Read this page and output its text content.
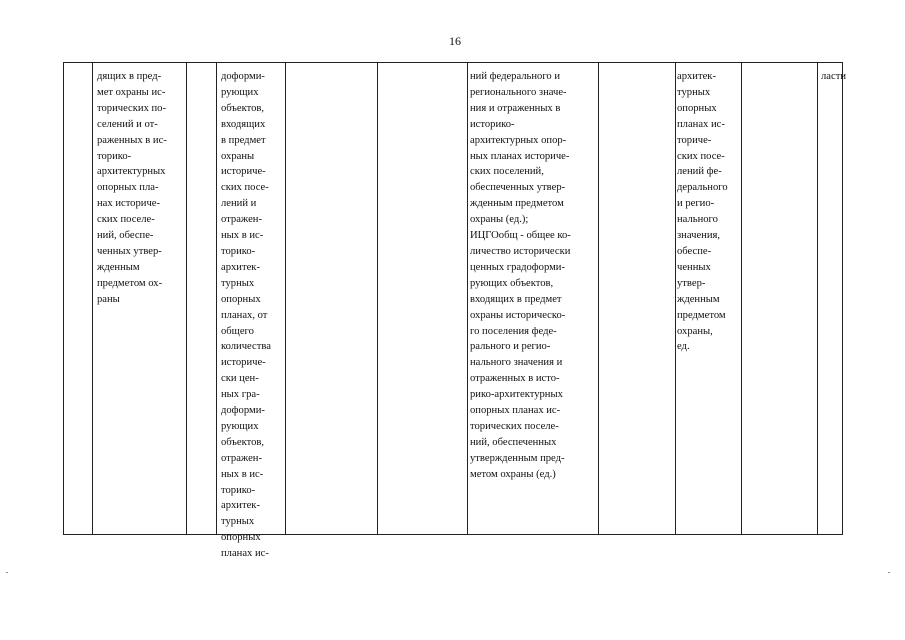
16
дящих в пред-
мет охраны ис-
торических по-
селений и от-
раженных в ис-
торико-
архитектурных
опорных пла-
нах историче-
ских поселе-
ний, обеспе-
ченных утвер-
жденным
предметом ох-
раны
доформи-
рующих
объектов,
входящих
в предмет
охраны
историче-
ских посе-
лений и
отражен-
ных в ис-
торико-
архитек-
турных
опорных
планах, от
общего
количества
историче-
ски цен-
ных гра-
доформи-
рующих
объектов,
отражен-
ных в ис-
торико-
архитек-
турных
опорных
планах ис-
ний федерального и
регионального значе-
ния и отраженных в
историко-
архитектурных опор-
ных планах историче-
ских поселений,
обеспеченных утвер-
жденным предметом
охраны (ед.);
ИЦГОобщ - общее ко-
личество исторически
ценных градоформи-
рующих объектов,
входящих в предмет
охраны историческо-
го поселения феде-
рального и регио-
нального значения и
отраженных в исто-
рико-архитектурных
опорных планах ис-
торических поселе-
ний, обеспеченных
утвержденным пред-
метом охраны (ед.)
архитек-
турных
опорных
планах ис-
ториче-
ских посе-
лений фе-
дерального
и регио-
нального
значения,
обеспе-
ченных
утвер-
жденным
предметом
охраны,
ед.
ласти
